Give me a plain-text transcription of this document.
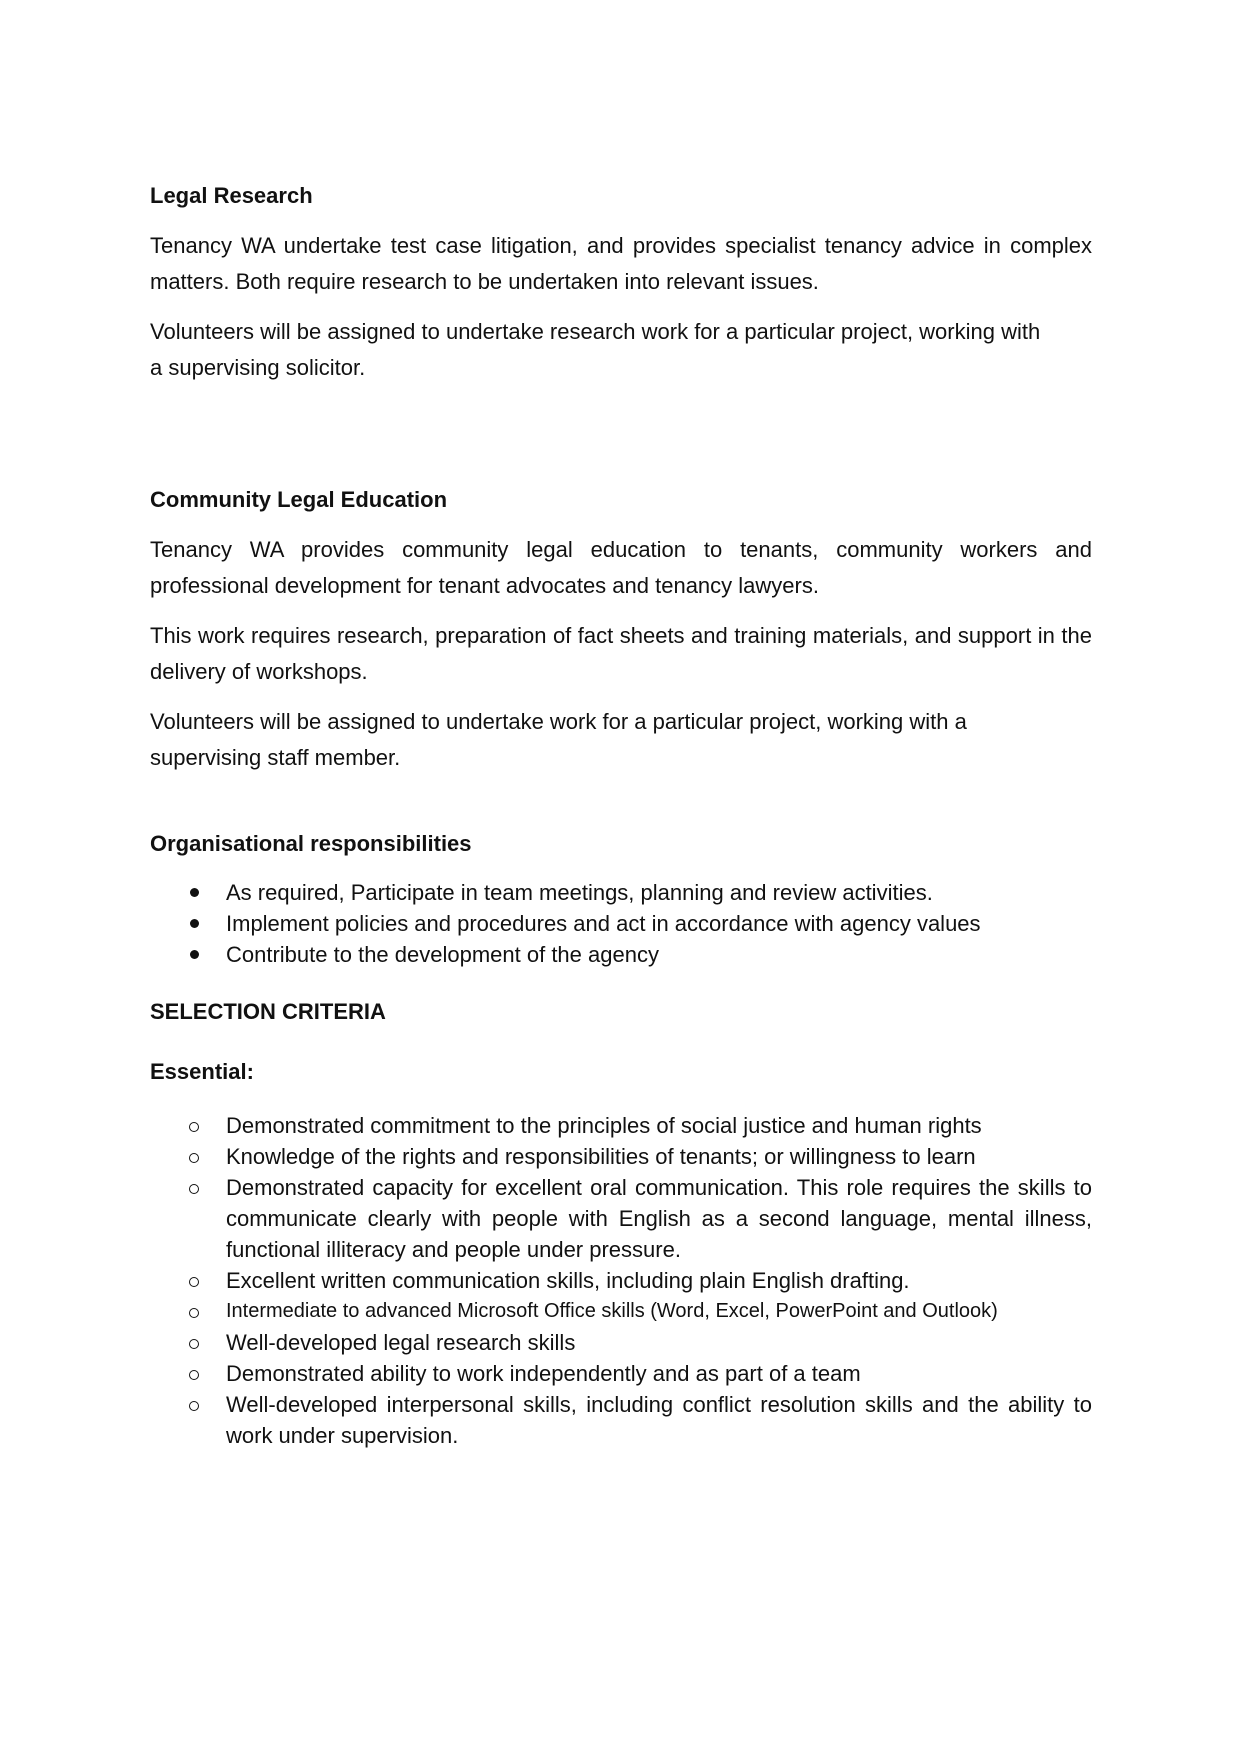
Legal Research

Tenancy WA undertake test case litigation, and provides specialist tenancy advice in complex matters. Both require research to be undertaken into relevant issues.

Volunteers will be assigned to undertake research work for a particular project, working with a supervising solicitor.

Community Legal Education

Tenancy WA provides community legal education to tenants, community workers and professional development for tenant advocates and tenancy lawyers.

This work requires research, preparation of fact sheets and training materials, and support in the delivery of workshops.

Volunteers will be assigned to undertake work for a particular project, working with a supervising staff member.

Organisational responsibilities
As required, Participate in team meetings, planning and review activities.
Implement policies and procedures and act in accordance with agency values
Contribute to the development of the agency
SELECTION CRITERIA
Essential:
Demonstrated commitment to the principles of social justice and human rights
Knowledge of the rights and responsibilities of tenants; or willingness to learn
Demonstrated capacity for excellent oral communication. This role requires the skills to communicate clearly with people with English as a second language, mental illness, functional illiteracy and people under pressure.
Excellent written communication skills, including plain English drafting.
Intermediate to advanced Microsoft Office skills (Word, Excel, PowerPoint and Outlook)
Well-developed legal research skills
Demonstrated ability to work independently and as part of a team
Well-developed interpersonal skills, including conflict resolution skills and the ability to work under supervision.
